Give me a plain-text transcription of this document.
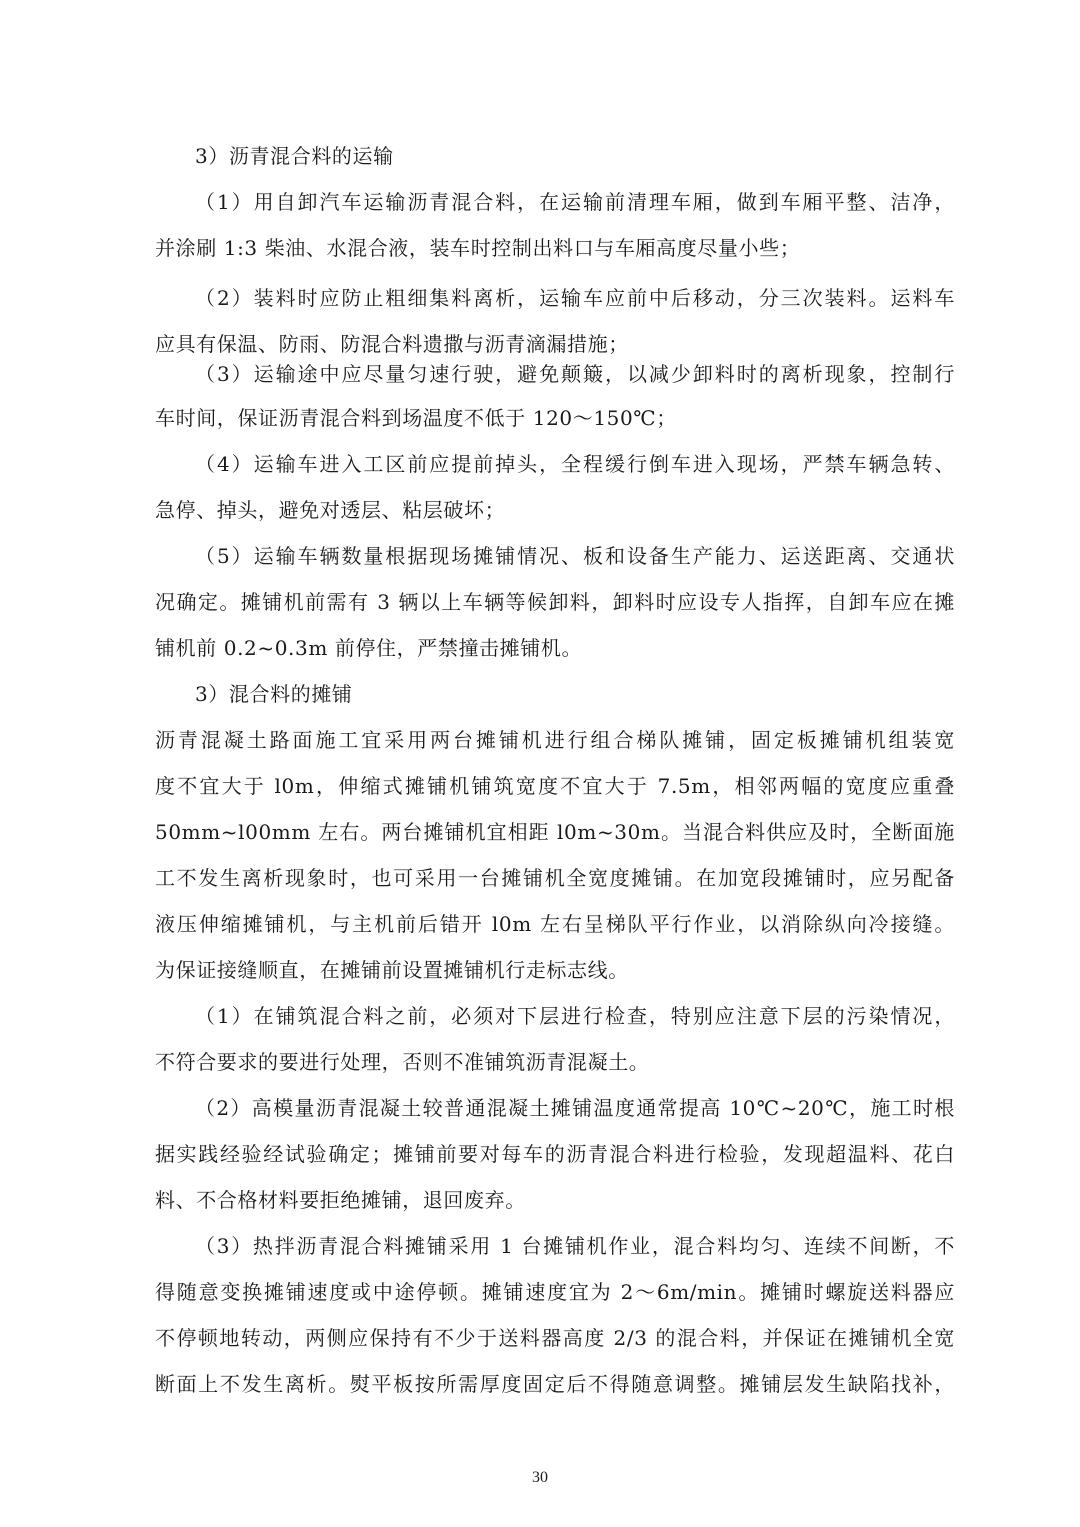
3）沥青混合料的运输
（1）用自卸汽车运输沥青混合料，在运输前清理车厢，做到车厢平整、洁净，
并涂刷 1:3 柴油、水混合液，装车时控制出料口与车厢高度尽量小些；
（2）装料时应防止粗细集料离析，运输车应前中后移动，分三次装料。运料车
应具有保温、防雨、防混合料遗撒与沥青滴漏措施；
（3）运输途中应尽量匀速行驶，避免颠簸，以减少卸料时的离析现象，控制行
车时间，保证沥青混合料到场温度不低于 120～150℃；
（4）运输车进入工区前应提前掉头，全程缓行倒车进入现场，严禁车辆急转、
急停、掉头，避免对透层、粘层破坏；
（5）运输车辆数量根据现场摊铺情况、板和设备生产能力、运送距离、交通状
况确定。摊铺机前需有 3 辆以上车辆等候卸料，卸料时应设专人指挥，自卸车应在摊
铺机前 0.2~0.3m 前停住，严禁撞击摊铺机。
3）混合料的摊铺
沥青混凝土路面施工宜采用两台摊铺机进行组合梯队摊铺，固定板摊铺机组装宽
度不宜大于 l0m，伸缩式摊铺机铺筑宽度不宜大于 7.5m，相邻两幅的宽度应重叠
50mm~l00mm 左右。两台摊铺机宜相距 l0m~30m。当混合料供应及时，全断面施
工不发生离析现象时，也可采用一台摊铺机全宽度摊铺。在加宽段摊铺时，应另配备
液压伸缩摊铺机，与主机前后错开 l0m 左右呈梯队平行作业，以消除纵向冷接缝。
为保证接缝顺直，在摊铺前设置摊铺机行走标志线。
（1）在铺筑混合料之前，必须对下层进行检查，特别应注意下层的污染情况，
不符合要求的要进行处理，否则不准铺筑沥青混凝土。
（2）高模量沥青混凝土较普通混凝土摊铺温度通常提高 10℃~20℃，施工时根
据实践经验经试验确定；摊铺前要对每车的沥青混合料进行检验，发现超温料、花白
料、不合格材料要拒绝摊铺，退回废弃。
（3）热拌沥青混合料摊铺采用 1 台摊铺机作业，混合料均匀、连续不间断，不
得随意变换摊铺速度或中途停顿。摊铺速度宜为 2～6m/min。摊铺时螺旋送料器应
不停顿地转动，两侧应保持有不少于送料器高度 2/3 的混合料，并保证在摊铺机全宽
断面上不发生离析。熨平板按所需厚度固定后不得随意调整。摊铺层发生缺陷找补，
30
